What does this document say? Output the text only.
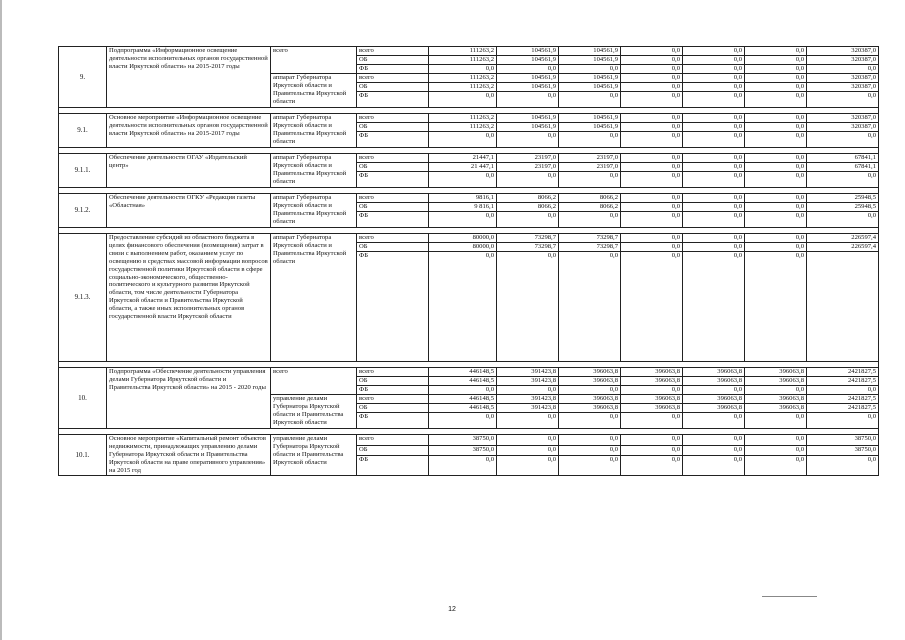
9.	Подпрограмма «Информационное освещение деятельности исполнительных органов государственной власти Иркутской области» на 2015-2017 годы	всего	всего	111263,2	104561,9	104561,9	0,0	0,0	0,0	320387,0
			ОБ	111263,2	104561,9	104561,9	0,0	0,0	0,0	320387,0
			ФБ	0,0	0,0	0,0	0,0	0,0	0,0	0,0
		аппарат Губернатора Иркутской области и Правительства Иркутской области	всего	111263,2	104561,9	104561,9	0,0	0,0	0,0	320387,0
			ОБ	111263,2	104561,9	104561,9	0,0	0,0	0,0	320387,0
			ФБ	0,0	0,0	0,0	0,0	0,0	0,0	0,0

9.1.	Основное мероприятие «Информационное освещение деятельности исполнительных органов государственной власти Иркутской области» на 2015-2017 годы	аппарат Губернатора Иркутской области и Правительства Иркутской области	всего	111263,2	104561,9	104561,9	0,0	0,0	0,0	320387,0
			ОБ	111263,2	104561,9	104561,9	0,0	0,0	0,0	320387,0
			ФБ	0,0	0,0	0,0	0,0	0,0	0,0	0,0

9.1.1.	Обеспечение деятельности ОГАУ «Издательский центр»	аппарат Губернатора Иркутской области и Правительства Иркутской области	всего	21447,1	23197,0	23197,0	0,0	0,0	0,0	67841,1
			ОБ	21 447,1	23197,0	23197,0	0,0	0,0	0,0	67841,1
			ФБ	0,0	0,0	0,0	0,0	0,0	0,0	0,0

9.1.2.	Обеспечение деятельности ОГКУ «Редакция газеты «Областная»	аппарат Губернатора Иркутской области и Правительства Иркутской области	всего	9816,1	8066,2	8066,2	0,0	0,0	0,0	25948,5
			ОБ	9 816,1	8066,2	8066,2	0,0	0,0	0,0	25948,5
			ФБ	0,0	0,0	0,0	0,0	0,0	0,0	0,0

9.1.3.	Предоставление субсидий из областного бюджета в целях финансового обеспечения (возмещения) затрат в связи с выполнением работ, оказанием услуг по освещению в средствах массовой информации вопросов государственной политики Иркутской области в сфере социально-экономического, общественно-политического и культурного развития Иркутской области, том числе деятельности Губернатора Иркутской области и Правительства Иркутской области, а также иных исполнительных органов государственной власти Иркутской области	аппарат Губернатора Иркутской области и Правительства Иркутской области	всего	80000,0	73298,7	73298,7	0,0	0,0	0,0	226597,4
			ОБ	80000,0	73298,7	73298,7	0,0	0,0	0,0	226597,4
			ФБ	0,0	0,0	0,0	0,0	0,0	0,0	

10.	Подпрограмма «Обеспечение деятельности управления делами Губернатора Иркутской области и Правительства Иркутской области» на 2015 - 2020 годы	всего	всего	446148,5	391423,8	396063,8	396063,8	396063,8	396063,8	2421827,5
			ОБ	446148,5	391423,8	396063,8	396063,8	396063,8	396063,8	2421827,5
			ФБ	0,0	0,0	0,0	0,0	0,0	0,0	0,0
		управление делами Губернатора Иркутской области и Правительства Иркутской области	всего	446148,5	391423,8	396063,8	396063,8	396063,8	396063,8	2421827,5
			ОБ	446148,5	391423,8	396063,8	396063,8	396063,8	396063,8	2421827,5
			ФБ	0,0	0,0	0,0	0,0	0,0	0,0	0,0

10.1.	Основное мероприятие «Капитальный ремонт объектов недвижимости, принадлежащих управлению делами Губернатора Иркутской области и Правительства Иркутской области на праве оперативного управления» на 2015 год	управление делами Губернатора Иркутской области и Правительства Иркутской области	всего	38750,0	0,0	0,0	0,0	0,0	0,0	38750,0
			ОБ	38750,0	0,0	0,0	0,0	0,0	0,0	38750,0
			ФБ	0,0	0,0	0,0	0,0	0,0	0,0	0,0
12
